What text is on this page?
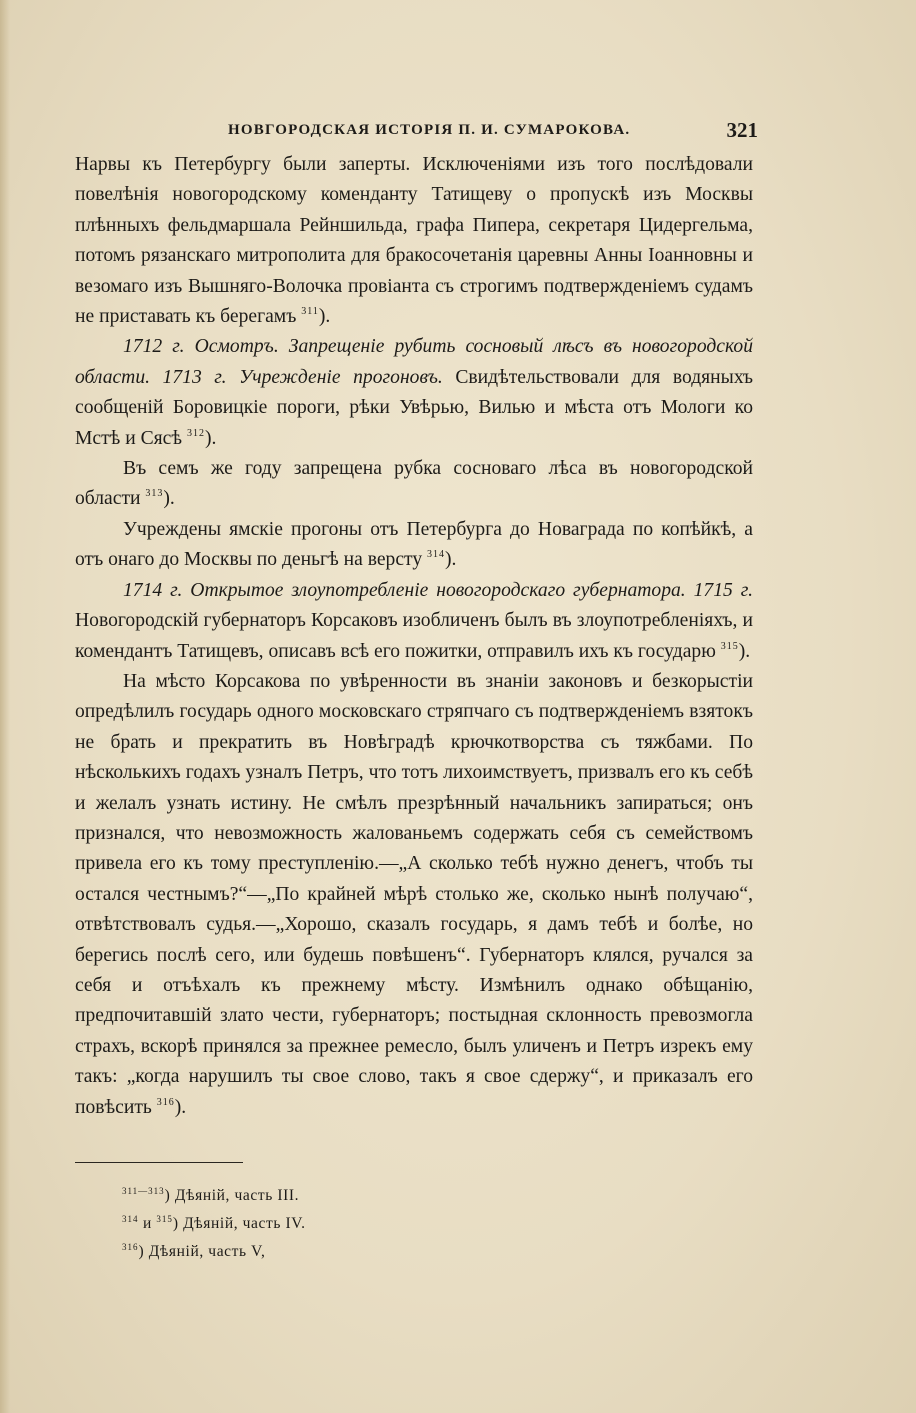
НОВГОРОДСКАЯ ИСТОРІЯ П. И. СУМАРОКОВА.	321

Нарвы къ Петербургу были заперты. Исключеніями изъ того послѣдовали повелѣнія новогородскому коменданту Татищеву о пропускѣ изъ Москвы плѣнныхъ фельдмаршала Рейншильда, графа Пипера, секретаря Цидергельма, потомъ рязанскаго митрополита для бракосочетанія царевны Анны Іоанновны и везомаго изъ Вышняго-Волочка провіанта съ строгимъ подтвержденіемъ судамъ не приставать къ берегамъ $^{311}$).

1712 г. Осмотръ. Запрещеніе рубить сосновый лѣсъ въ новогородской области. 1713 г. Учрежденіе прогоновъ. Свидѣтельствовали для водяныхъ сообщеній Боровицкіе пороги, рѣки Увѣрью, Вилью и мѣста отъ Мологи ко Мстѣ и Сясѣ $^{312}$).

Въ семъ же году запрещена рубка сосноваго лѣса въ новогородской области $^{313}$).

Учреждены ямскіе прогоны отъ Петербурга до Новаграда по копѣйкѣ, а отъ онаго до Москвы по деньгѣ на версту $^{314}$).

1714 г. Открытое злоупотребленіе новогородскаго губернатора. 1715 г. Новогородскій губернаторъ Корсаковъ изобличенъ былъ въ злоупотребленіяхъ, и комендантъ Татищевъ, описавъ всѣ его пожитки, отправилъ ихъ къ государю $^{315}$).

На мѣсто Корсакова по увѣренности въ знаніи законовъ и безкорыстіи опредѣлилъ государь одного московскаго стряпчаго съ подтвержденіемъ взятокъ не брать и прекратить въ Новѣградѣ крючкотворства съ тяжбами. По нѣсколькихъ годахъ узналъ Петръ, что тотъ лихоимствуетъ, призвалъ его къ себѣ и желалъ узнать истину. Не смѣлъ презрѣнный начальникъ запираться; онъ признался, что невозможность жалованьемъ содержать себя съ семействомъ привела его къ тому преступленію.—„А сколько тебѣ нужно денегъ, чтобъ ты остался честнымъ?“—„По крайней мѣрѣ столько же, сколько нынѣ получаю“, отвѣтствовалъ судья.—„Хорошо, сказалъ государь, я дамъ тебѣ и болѣе, но берегись послѣ сего, или будешь повѣшенъ“. Губернаторъ клялся, ручался за себя и отъѣхалъ къ прежнему мѣсту. Измѣнилъ однако обѣщанію, предпочитавшій злато чести, губернаторъ; постыдная склонность превозмогла страхъ, вскорѣ принялся за прежнее ремесло, былъ уличенъ и Петръ изрекъ ему такъ: „когда нарушилъ ты свое слово, такъ я свое сдержу“, и приказалъ его повѣсить $^{316}$).

$^{311—313}$) Дѣяній, часть III.
$^{314}$ и $^{315}$) Дѣяній, часть IV.
$^{316}$) Дѣяній, часть V,
